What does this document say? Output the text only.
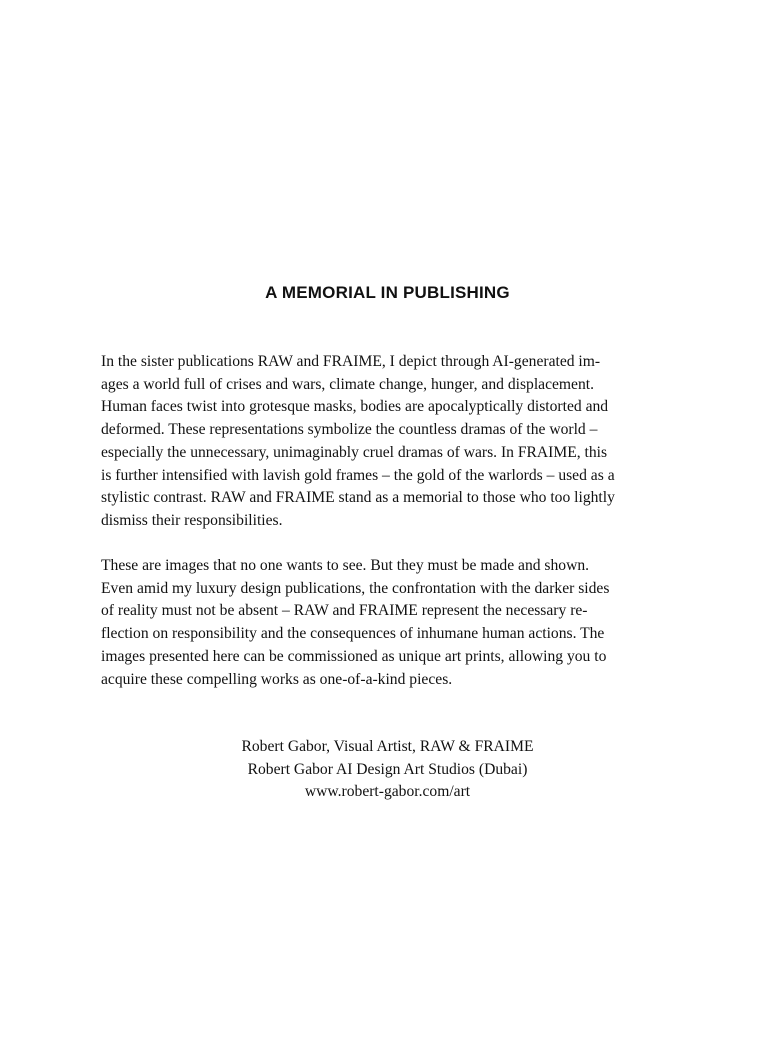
A MEMORIAL IN PUBLISHING

In the sister publications RAW and FRAIME, I depict through AI-generated im-
ages a world full of crises and wars, climate change, hunger, and displacement.
Human faces twist into grotesque masks, bodies are apocalyptically distorted and
deformed. These representations symbolize the countless dramas of the world –
especially the unnecessary, unimaginably cruel dramas of wars. In FRAIME, this
is further intensified with lavish gold frames – the gold of the warlords – used as a
stylistic contrast. RAW and FRAIME stand as a memorial to those who too lightly
dismiss their responsibilities.

These are images that no one wants to see. But they must be made and shown.
Even amid my luxury design publications, the confrontation with the darker sides
of reality must not be absent – RAW and FRAIME represent the necessary re-
flection on responsibility and the consequences of inhumane human actions. The
images presented here can be commissioned as unique art prints, allowing you to
acquire these compelling works as one-of-a-kind pieces.

Robert Gabor, Visual Artist, RAW & FRAIME
Robert Gabor AI Design Art Studios (Dubai)
www.robert-gabor.com/art
